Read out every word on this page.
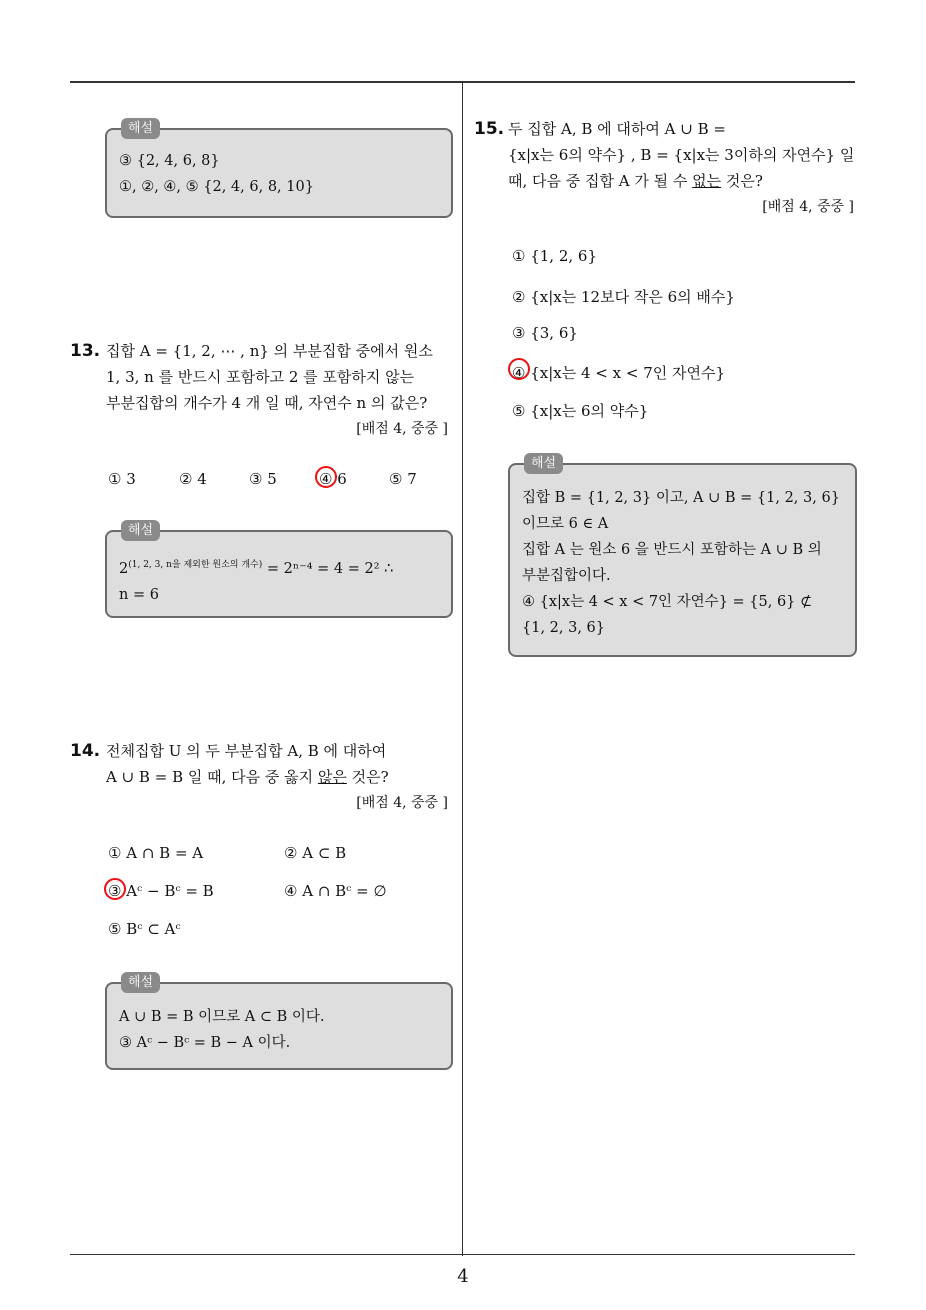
해설
③ {2, 4, 6, 8}
①, ②, ④, ⑤ {2, 4, 6, 8, 10}
13. 집합 A = {1, 2, ⋯ , n} 의 부분집합 중에서 원소
1, 3, n 를 반드시 포함하고 2 를 포함하지 않는
부분집합의 개수가 4 개 일 때, 자연수 n 의 값은?
[배점 4, 중중 ]
① 3	② 4	③ 5	④ 6	⑤ 7
해설
$2^{(1, 2, 3, n을 제외한 원소의 개수)} = 2^{n-4} = 4 = 2^2$ ∴
n = 6
14. 전체집합 U 의 두 부분집합 A, B 에 대하여
A ∪ B = B 일 때, 다음 중 옳지 않은 것은?
[배점 4, 중중 ]
① A ∩ B = A	② A ⊂ B
③ Aᶜ − Bᶜ = B	④ A ∩ Bᶜ = ∅
⑤ Bᶜ ⊂ Aᶜ
해설
A ∪ B = B 이므로 A ⊂ B 이다.
③ Aᶜ − Bᶜ = B − A 이다.
15. 두 집합 A, B 에 대하여 A ∪ B =
{x|x는 6의 약수} , B = {x|x는 3이하의 자연수} 일
때, 다음 중 집합 A 가 될 수 없는 것은?
[배점 4, 중중 ]
① {1, 2, 6}
② {x|x는 12보다 작은 6의 배수}
③ {3, 6}
④ {x|x는 4 < x < 7인 자연수}
⑤ {x|x는 6의 약수}
해설
집합 B = {1, 2, 3} 이고, A ∪ B = {1, 2, 3, 6}
이므로 6 ∈ A
집합 A 는 원소 6 을 반드시 포함하는 A ∪ B 의
부분집합이다.
④ {x|x는 4 < x < 7인 자연수} = {5, 6} ⊄
{1, 2, 3, 6}
4
